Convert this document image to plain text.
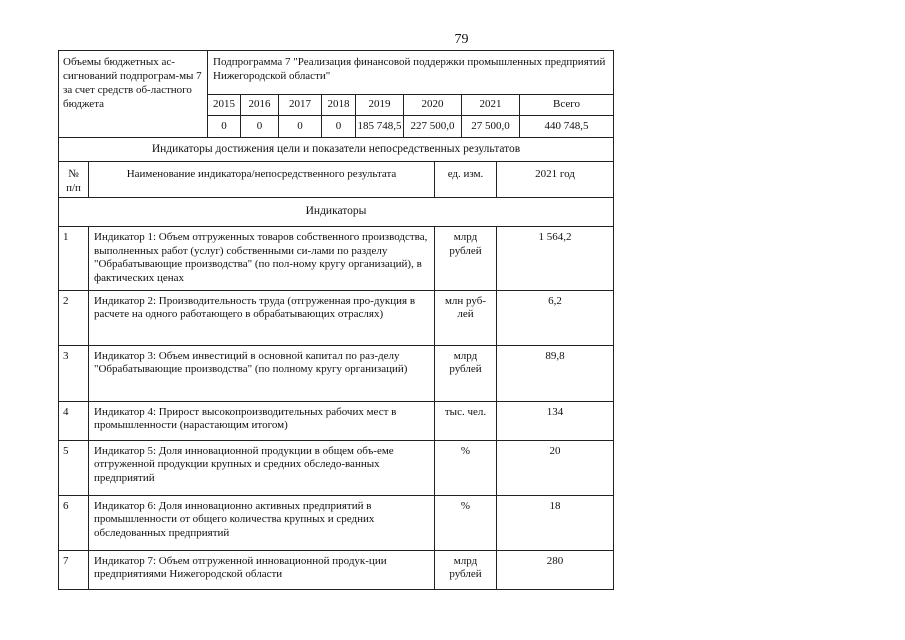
79
Объемы бюджетных ас-сигнований подпрограм-мы 7 за счет средств об-ластного бюджета	Подпрограмма 7 "Реализация финансовой поддержки промышленных предприятий Нижегородской области"							
	2015	2016	2017	2018	2019	2020	2021	Всего
	0	0	0	0	185 748,5	227 500,0	27 500,0	440 748,5
Индикаторы достижения цели и показатели непосредственных результатов			
№ п/п	Наименование индикатора/непосредственного результата	ед. изм.	2021 год
Индикаторы			
1	Индикатор 1: Объем отгруженных товаров собственного производства, выполненных работ (услуг) собственными си-лами по разделу "Обрабатывающие производства" (по пол-ному кругу организаций), в фактических ценах	млрд рублей	1 564,2
2	Индикатор 2: Производительность труда (отгруженная про-дукция в расчете на одного работающего в обрабатывающих отраслях)	млн руб-лей	6,2
3	Индикатор 3: Объем инвестиций в основной капитал по раз-делу "Обрабатывающие производства" (по полному кругу организаций)	млрд рублей	89,8
4	Индикатор 4: Прирост высокопроизводительных рабочих мест в промышленности (нарастающим итогом)	тыс. чел.	134
5	Индикатор 5: Доля инновационной продукции в общем объ-еме отгруженной продукции крупных и средних обследо-ванных предприятий	%	20
6	Индикатор 6: Доля инновационно активных предприятий в промышленности от общего количества крупных и средних обследованных предприятий	%	18
7	Индикатор 7: Объем отгруженной инновационной продук-ции предприятиями Нижегородской области	млрд рублей	280
